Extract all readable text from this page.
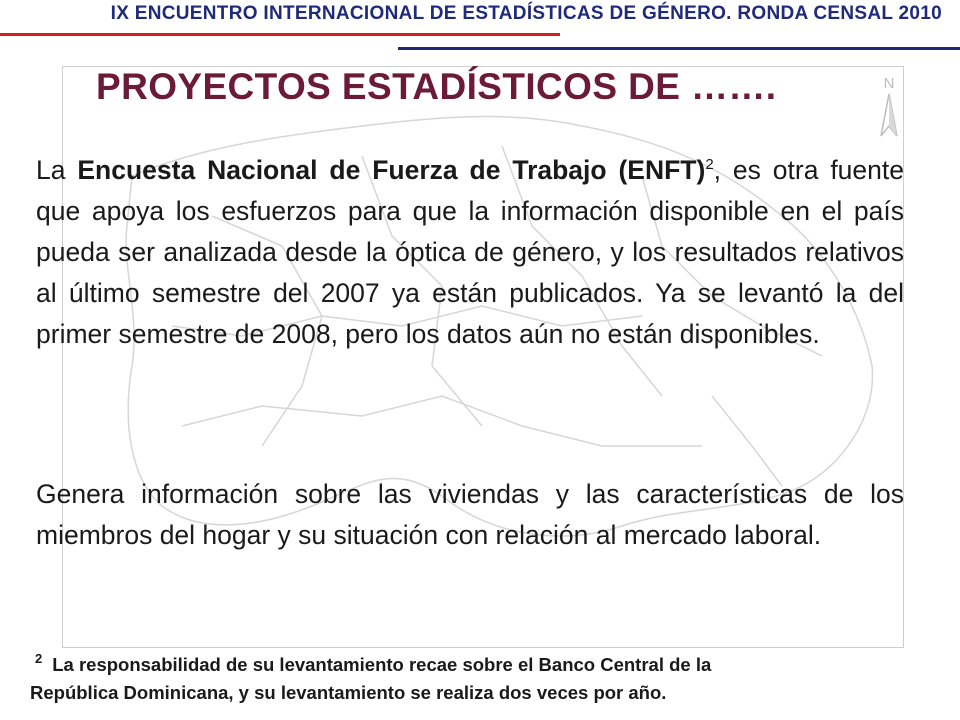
IX ENCUENTRO INTERNACIONAL DE ESTADÍSTICAS DE GÉNERO. RONDA CENSAL 2010
N
PROYECTOS ESTADÍSTICOS DE …….
La Encuesta Nacional de Fuerza de Trabajo (ENFT)$^2$, es otra fuente que apoya los esfuerzos para que la información disponible en el país pueda ser analizada desde la óptica de género, y los resultados relativos al último semestre del 2007 ya están publicados. Ya se levantó la del primer semestre de 2008, pero los datos aún no están disponibles.
Genera información sobre las viviendas y las características de los miembros del hogar y su situación con relación al mercado laboral.
$^2$ La responsabilidad de su levantamiento recae sobre el Banco Central de la
República Dominicana, y su levantamiento se realiza dos veces por año.
